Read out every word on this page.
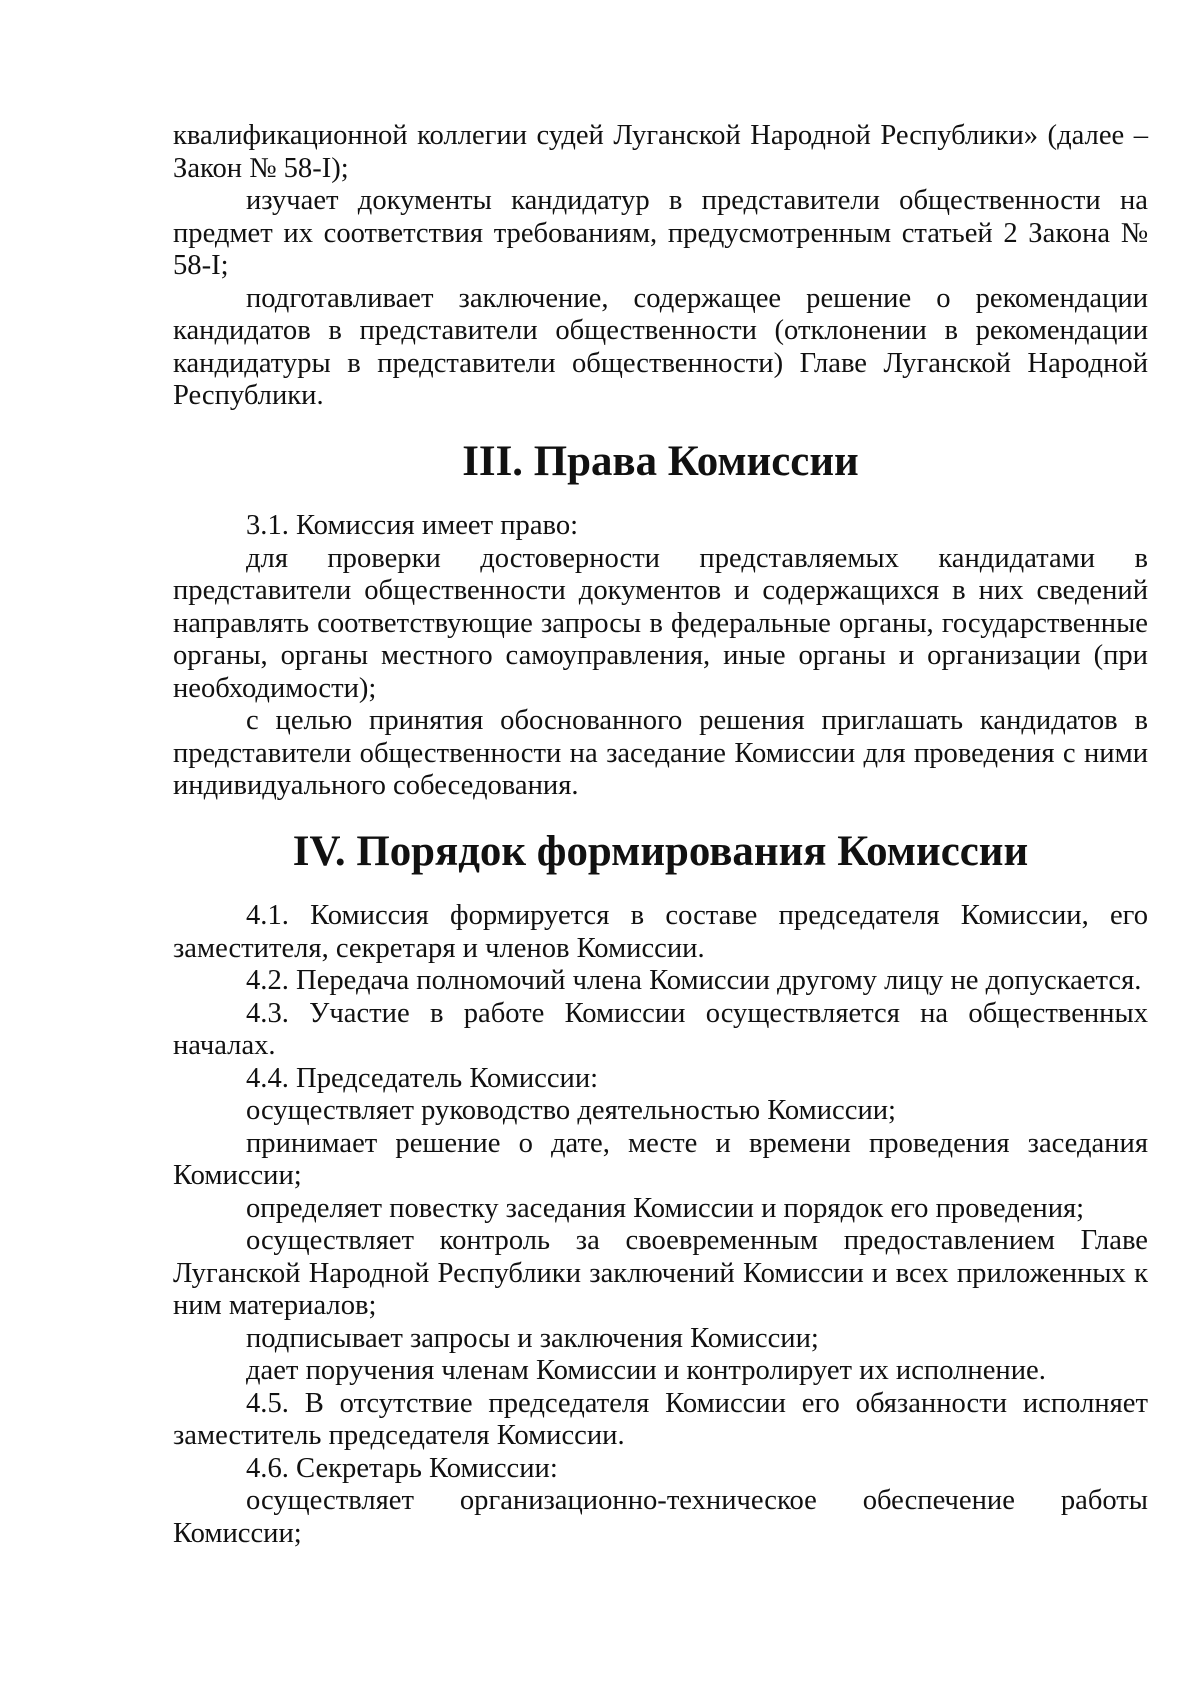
квалификационной коллегии судей Луганской Народной Республики» (далее – Закон № 58-I);

изучает документы кандидатур в представители общественности на предмет их соответствия требованиям, предусмотренным статьей 2 Закона № 58-I;

подготавливает заключение, содержащее решение о рекомендации кандидатов в представители общественности (отклонении в рекомендации кандидатуры в представители общественности) Главе Луганской Народной Республики.

III. Права Комиссии

3.1. Комиссия имеет право:

для проверки достоверности представляемых кандидатами в представители общественности документов и содержащихся в них сведений направлять соответствующие запросы в федеральные органы, государственные органы, органы местного самоуправления, иные органы и организации (при необходимости);

с целью принятия обоснованного решения приглашать кандидатов в представители общественности на заседание Комиссии для проведения с ними индивидуального собеседования.

IV. Порядок формирования Комиссии

4.1. Комиссия формируется в составе председателя Комиссии, его заместителя, секретаря и членов Комиссии.

4.2. Передача полномочий члена Комиссии другому лицу не допускается.

4.3. Участие в работе Комиссии осуществляется на общественных началах.

4.4. Председатель Комиссии:

осуществляет руководство деятельностью Комиссии;

принимает решение о дате, месте и времени проведения заседания Комиссии;

определяет повестку заседания Комиссии и порядок его проведения;

осуществляет контроль за своевременным предоставлением Главе Луганской Народной Республики заключений Комиссии и всех приложенных к ним материалов;

подписывает запросы и заключения Комиссии;

дает поручения членам Комиссии и контролирует их исполнение.

4.5. В отсутствие председателя Комиссии его обязанности исполняет заместитель председателя Комиссии.

4.6. Секретарь Комиссии:

осуществляет организационно-техническое обеспечение работы Комиссии;
